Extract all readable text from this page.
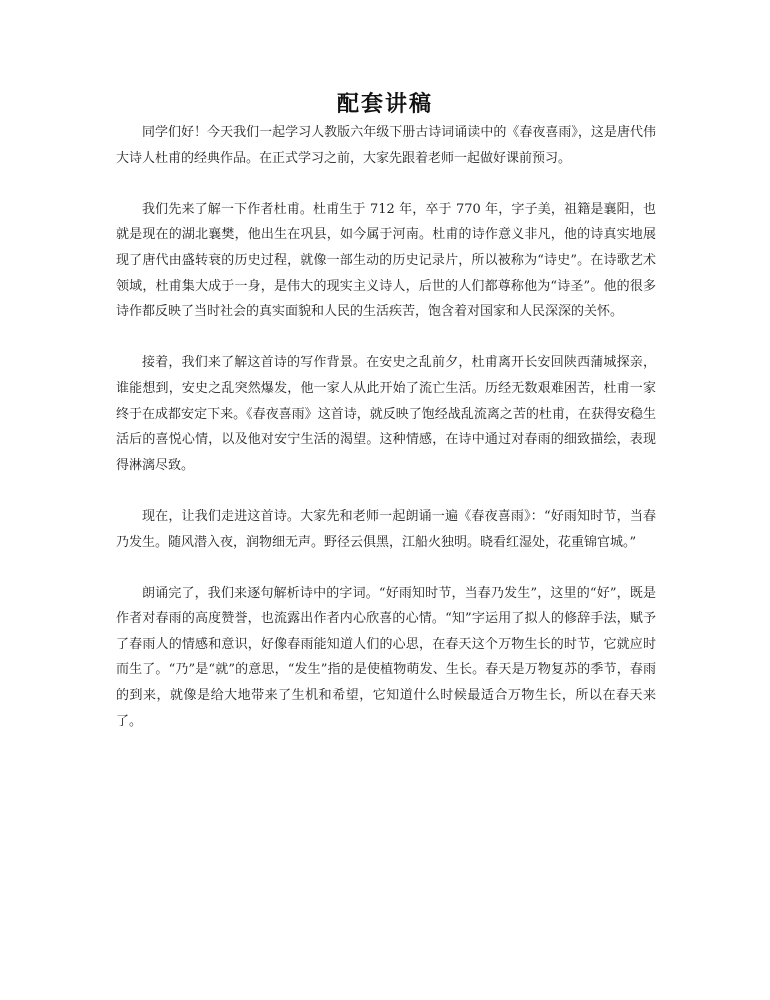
配套讲稿

同学们好！今天我们一起学习人教版六年级下册古诗词诵读中的《春夜喜雨》，这是唐代伟大诗人杜甫的经典作品。在正式学习之前，大家先跟着老师一起做好课前预习。

我们先来了解一下作者杜甫。杜甫生于 712 年，卒于 770 年，字子美，祖籍是襄阳，也就是现在的湖北襄樊，他出生在巩县，如今属于河南。杜甫的诗作意义非凡，他的诗真实地展现了唐代由盛转衰的历史过程，就像一部生动的历史记录片，所以被称为“诗史”。在诗歌艺术领域，杜甫集大成于一身，是伟大的现实主义诗人，后世的人们都尊称他为“诗圣”。他的很多诗作都反映了当时社会的真实面貌和人民的生活疾苦，饱含着对国家和人民深深的关怀。

接着，我们来了解这首诗的写作背景。在安史之乱前夕，杜甫离开长安回陕西蒲城探亲，谁能想到，安史之乱突然爆发，他一家人从此开始了流亡生活。历经无数艰难困苦，杜甫一家终于在成都安定下来。《春夜喜雨》这首诗，就反映了饱经战乱流离之苦的杜甫，在获得安稳生活后的喜悦心情，以及他对安宁生活的渴望。这种情感，在诗中通过对春雨的细致描绘，表现得淋漓尽致。

现在，让我们走进这首诗。大家先和老师一起朗诵一遍《春夜喜雨》：“好雨知时节，当春乃发生。随风潜入夜，润物细无声。野径云俱黑，江船火独明。晓看红湿处，花重锦官城。”

朗诵完了，我们来逐句解析诗中的字词。“好雨知时节，当春乃发生”，这里的“好”，既是作者对春雨的高度赞誉，也流露出作者内心欣喜的心情。“知”字运用了拟人的修辞手法，赋予了春雨人的情感和意识，好像春雨能知道人们的心思，在春天这个万物生长的时节，它就应时而生了。“乃”是“就”的意思，“发生”指的是使植物萌发、生长。春天是万物复苏的季节，春雨的到来，就像是给大地带来了生机和希望，它知道什么时候最适合万物生长，所以在春天来了。
